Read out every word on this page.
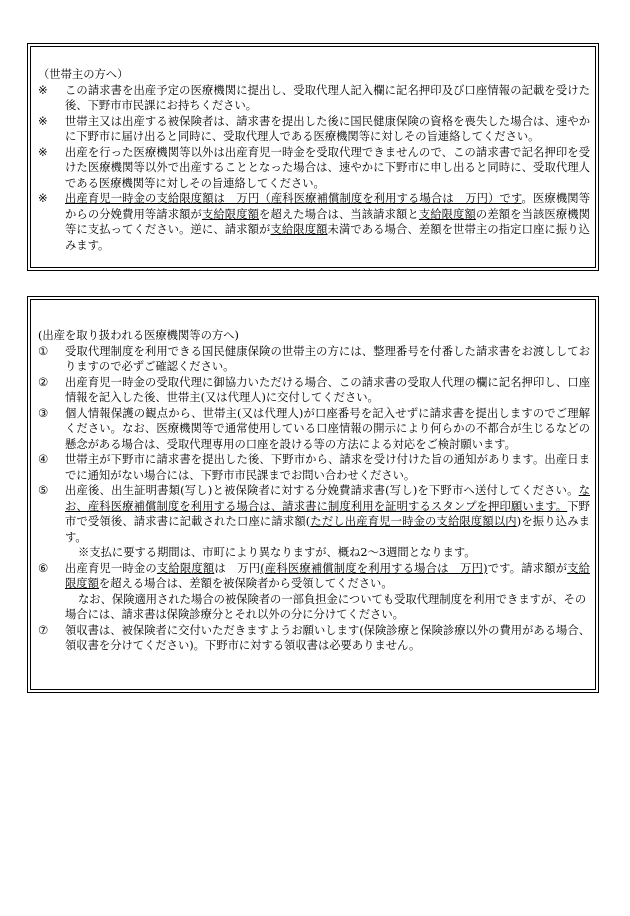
（世帯主の方へ）
※ この請求書を出産予定の医療機関に提出し、受取代理人記入欄に記名押印及び口座情報の記載を受けた後、下野市市民課にお持ちください。
※ 世帯主又は出産する被保険者は、請求書を提出した後に国民健康保険の資格を喪失した場合は、速やかに下野市に届け出ると同時に、受取代理人である医療機関等に対しその旨連絡してください。
※ 出産を行った医療機関等以外は出産育児一時金を受取代理できませんので、この請求書で記名押印を受けた医療機関等以外で出産することとなった場合は、速やかに下野市に申し出ると同時に、受取代理人である医療機関等に対しその旨連絡してください。
※ 出産育児一時金の支給限度額は　万円（産科医療補償制度を利用する場合は　万円）です。医療機関等からの分娩費用等請求額が支給限度額を超えた場合は、当該請求額と支給限度額の差額を当該医療機関等に支払ってください。逆に、請求額が支給限度額未満である場合、差額を世帯主の指定口座に振り込みます。
(出産を取り扱われる医療機関等の方へ)
① 受取代理制度を利用できる国民健康保険の世帯主の方には、整理番号を付番した請求書をお渡ししておりますので必ずご確認ください。
② 出産育児一時金の受取代理に御協力いただける場合、この請求書の受取人代理の欄に記名押印し、口座情報を記入した後、世帯主(又は代理人)に交付してください。
③ 個人情報保護の観点から、世帯主(又は代理人)が口座番号を記入せずに請求書を提出しますのでご理解ください。なお、医療機関等で通常使用している口座情報の開示により何らかの不都合が生じるなどの懸念がある場合は、受取代理専用の口座を設ける等の方法による対応をご検討願います。
④ 世帯主が下野市に請求書を提出した後、下野市から、請求を受け付けた旨の通知があります。出産日までに通知がない場合には、下野市市民課までお問い合わせください。
⑤ 出産後、出生証明書類(写し)と被保険者に対する分娩費請求書(写し)を下野市へ送付してください。なお、産科医療補償制度を利用する場合は、請求書に制度利用を証明するスタンプを押印願います。下野市で受領後、請求書に記載された口座に請求額(ただし出産育児一時金の支給限度額以内)を振り込みます。
※支払に要する期間は、市町により異なりますが、概ね2～3週間となります。
⑥ 出産育児一時金の支給限度額は　万円(産科医療補償制度を利用する場合は　万円)です。請求額が支給限度額を超える場合は、差額を被保険者から受領してください。
なお、保険適用された場合の被保険者の一部負担金についても受取代理制度を利用できますが、その場合には、請求書は保険診療分とそれ以外の分に分けてください。
⑦ 領収書は、被保険者に交付いただきますようお願いします(保険診療と保険診療以外の費用がある場合、領収書を分けてください)。下野市に対する領収書は必要ありません。
